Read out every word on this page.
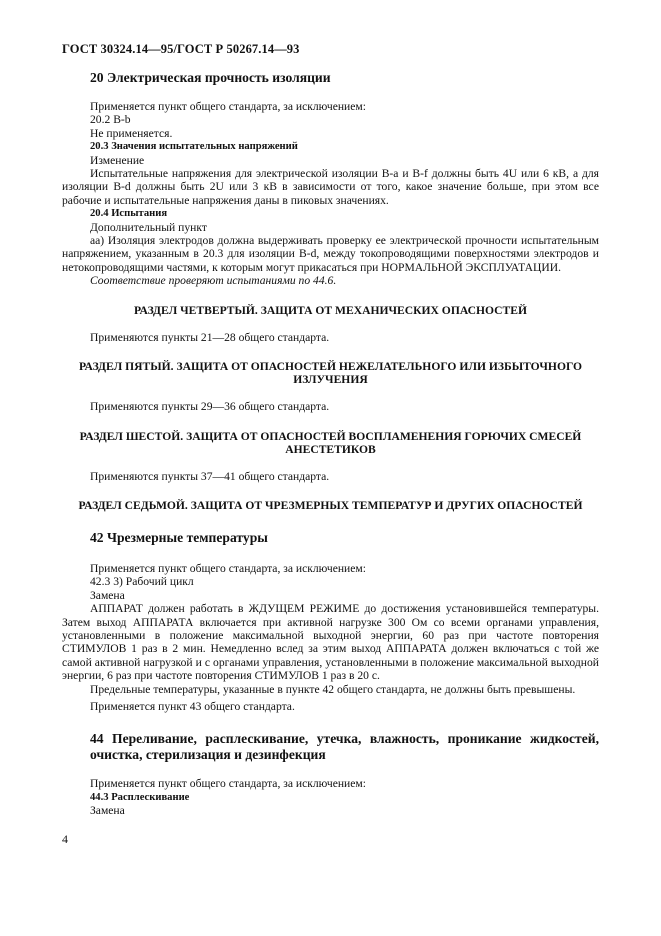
ГОСТ 30324.14—95/ГОСТ Р 50267.14—93

20 Электрическая прочность изоляции

Применяется пункт общего стандарта, за исключением:

20.2 B-b

Не применяется.

20.3 Значения испытательных напряжений

Изменение

Испытательные напряжения для электрической изоляции B-a и B-f должны быть 4U или 6 кВ, а для изоляции B-d должны быть 2U или 3 кВ в зависимости от того, какое значение больше, при этом все рабочие и испытательные напряжения даны в пиковых значениях.

20.4 Испытания

Дополнительный пункт

aa) Изоляция электродов должна выдерживать проверку ее электрической прочности испытательным напряжением, указанным в 20.3 для изоляции B-d, между токопроводящими поверхностями электродов и нетокопроводящими частями, к которым могут прикасаться при НОРМАЛЬНОЙ ЭКСПЛУАТАЦИИ.

Соответствие проверяют испытаниями по 44.6.

РАЗДЕЛ ЧЕТВЕРТЫЙ. ЗАЩИТА ОТ МЕХАНИЧЕСКИХ ОПАСНОСТЕЙ

Применяются пункты 21—28 общего стандарта.

РАЗДЕЛ ПЯТЫЙ. ЗАЩИТА ОТ ОПАСНОСТЕЙ НЕЖЕЛАТЕЛЬНОГО ИЛИ ИЗБЫТОЧНОГО ИЗЛУЧЕНИЯ

Применяются пункты 29—36 общего стандарта.

РАЗДЕЛ ШЕСТОЙ. ЗАЩИТА ОТ ОПАСНОСТЕЙ ВОСПЛАМЕНЕНИЯ ГОРЮЧИХ СМЕСЕЙ АНЕСТЕТИКОВ

Применяются пункты 37—41 общего стандарта.

РАЗДЕЛ СЕДЬМОЙ. ЗАЩИТА ОТ ЧРЕЗМЕРНЫХ ТЕМПЕРАТУР И ДРУГИХ ОПАСНОСТЕЙ

42 Чрезмерные температуры

Применяется пункт общего стандарта, за исключением:

42.3 3) Рабочий цикл

Замена

АППАРАТ должен работать в ЖДУЩЕМ РЕЖИМЕ до достижения установившейся температуры. Затем выход АППАРАТА включается при активной нагрузке 300 Ом со всеми органами управления, установленными в положение максимальной выходной энергии, 60 раз при частоте повторения СТИМУЛОВ 1 раз в 2 мин. Немедленно вслед за этим выход АППАРАТА должен включаться с той же самой активной нагрузкой и с органами управления, установленными в положение максимальной выходной энергии, 6 раз при частоте повторения СТИМУЛОВ 1 раз в 20 с.

Предельные температуры, указанные в пункте 42 общего стандарта, не должны быть превышены.

Применяется пункт 43 общего стандарта.

44 Переливание, расплескивание, утечка, влажность, проникание жидкостей, очистка, стерилизация и дезинфекция

Применяется пункт общего стандарта, за исключением:

44.3 Расплескивание

Замена

4
